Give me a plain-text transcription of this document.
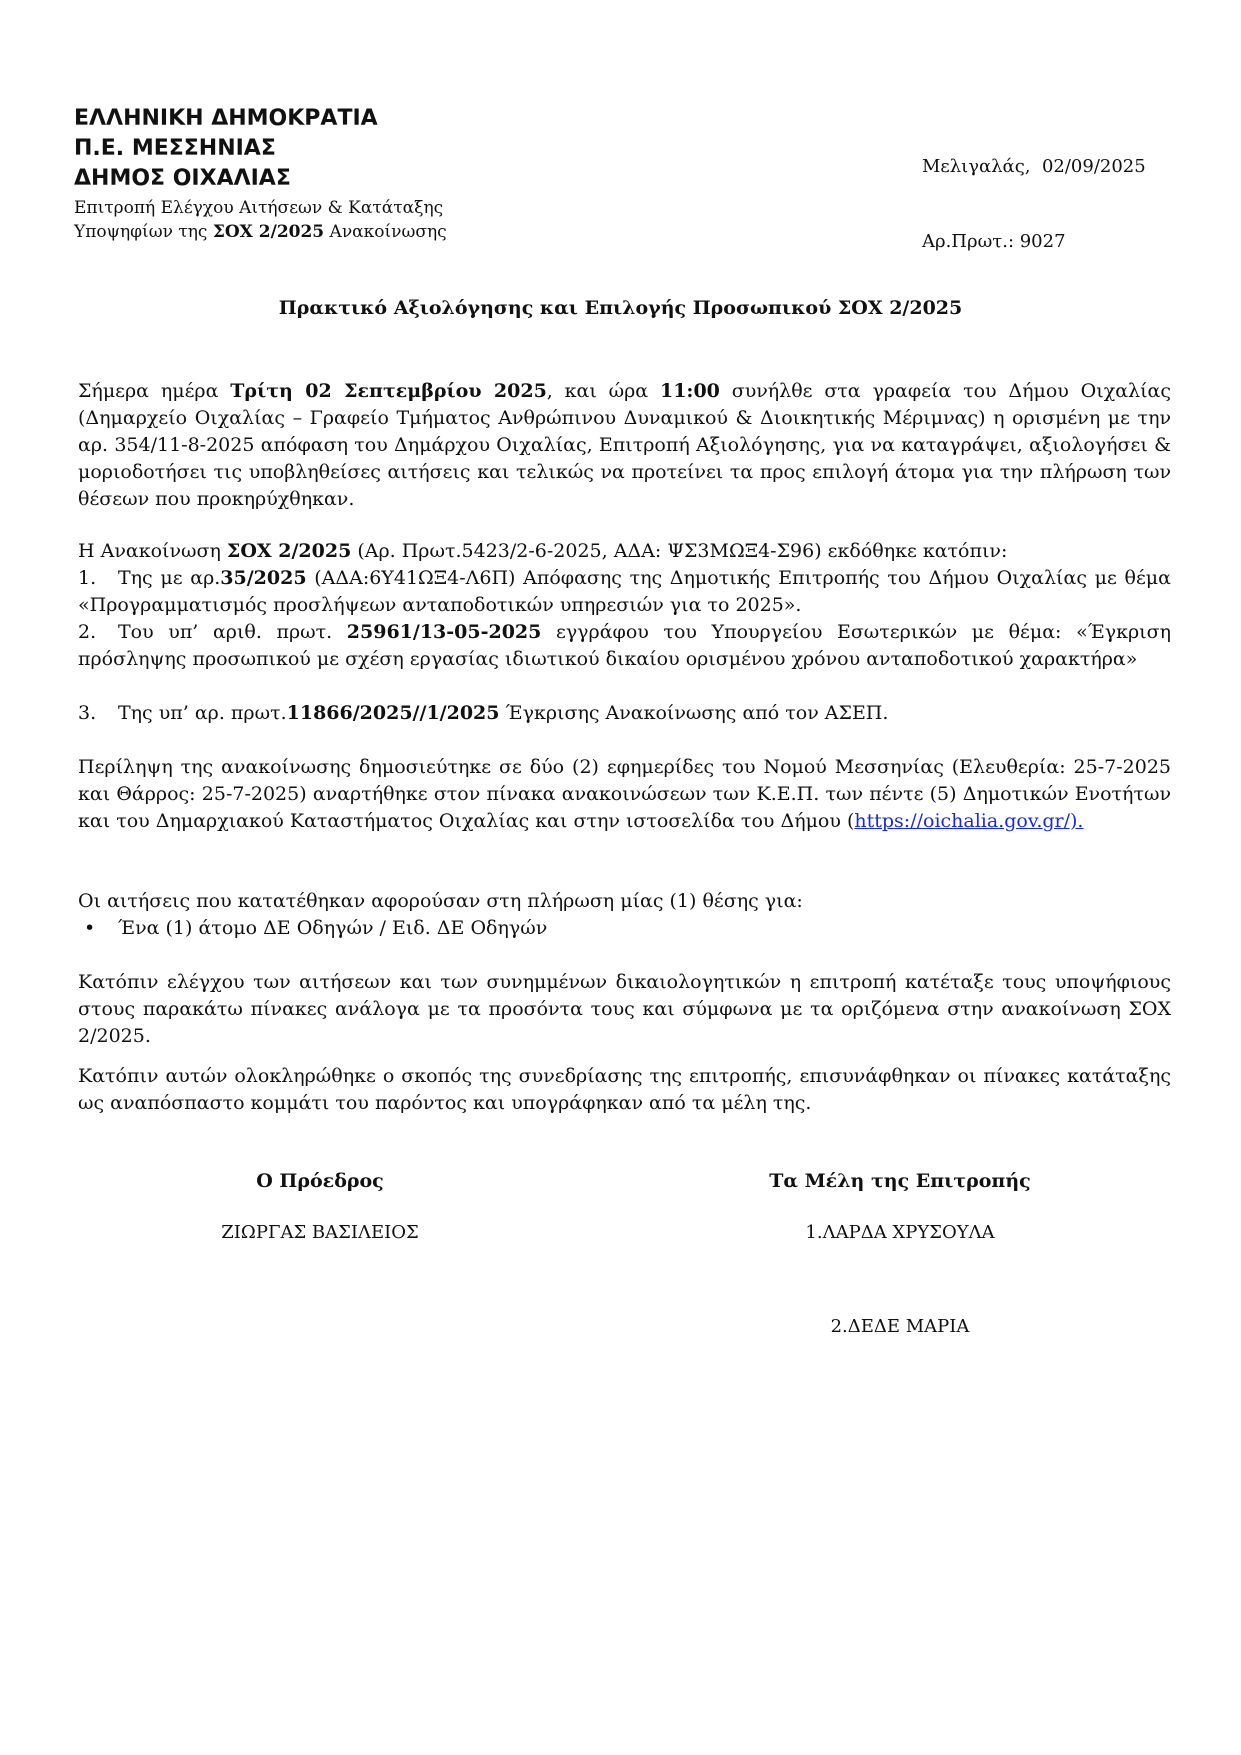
ΕΛΛΗΝΙΚΗ ΔΗΜΟΚΡΑΤΙΑ
Π.Ε. ΜΕΣΣΗΝΙΑΣ
ΔΗΜΟΣ ΟΙΧΑΛΙΑΣ
Επιτροπή Ελέγχου Αιτήσεων & Κατάταξης
Υποψηφίων της ΣΟΧ 2/2025 Ανακοίνωσης

Μελιγαλάς,  02/09/2025

Αρ.Πρωτ.: 9027

Πρακτικό Αξιολόγησης και Επιλογής Προσωπικού ΣΟΧ 2/2025

Σήμερα ημέρα Τρίτη 02 Σεπτεμβρίου 2025, και ώρα 11:00 συνήλθε στα γραφεία του Δήμου Οιχαλίας (Δημαρχείο Οιχαλίας – Γραφείο Τμήματος Ανθρώπινου Δυναμικού & Διοικητικής Μέριμνας) η ορισμένη με την αρ. 354/11-8-2025 απόφαση του Δημάρχου Οιχαλίας, Επιτροπή Αξιολόγησης, για να καταγράψει, αξιολογήσει & μοριοδοτήσει τις υποβληθείσες αιτήσεις και τελικώς να προτείνει τα προς επιλογή άτομα για την πλήρωση των θέσεων που προκηρύχθηκαν.

Η Ανακοίνωση ΣΟΧ 2/2025 (Αρ. Πρωτ.5423/2-6-2025, ΑΔΑ: ΨΣ3ΜΩΞ4-Σ96) εκδόθηκε κατόπιν:

1. Της με αρ.35/2025 (ΑΔΑ:6Υ41ΩΞ4-Λ6Π) Απόφασης της Δημοτικής Επιτροπής του Δήμου Οιχαλίας με θέμα «Προγραμματισμός προσλήψεων ανταποδοτικών υπηρεσιών για το 2025».

2. Του υπ’ αριθ. πρωτ. 25961/13-05-2025 εγγράφου του Υπουργείου Εσωτερικών με θέμα: «Έγκριση πρόσληψης προσωπικού με σχέση εργασίας ιδιωτικού δικαίου ορισμένου χρόνου ανταποδοτικού χαρακτήρα»

3. Της υπ’ αρ. πρωτ.11866/2025//1/2025 Έγκρισης Ανακοίνωσης από τον ΑΣΕΠ.

Περίληψη της ανακοίνωσης δημοσιεύτηκε σε δύο (2) εφημερίδες του Νομού Μεσσηνίας (Ελευθερία: 25-7-2025 και Θάρρος: 25-7-2025) αναρτήθηκε στον πίνακα ανακοινώσεων των Κ.Ε.Π. των πέντε (5) Δημοτικών Ενοτήτων και του Δημαρχιακού Καταστήματος Οιχαλίας και στην ιστοσελίδα του Δήμου (https://oichalia.gov.gr/).

Οι αιτήσεις που κατατέθηκαν αφορούσαν στη πλήρωση μίας (1) θέσης για:

• Ένα (1) άτομο ΔΕ Οδηγών / Ειδ. ΔΕ Οδηγών

Κατόπιν ελέγχου των αιτήσεων και των συνημμένων δικαιολογητικών η επιτροπή κατέταξε τους υποψήφιους στους παρακάτω πίνακες ανάλογα με τα προσόντα τους και σύμφωνα με τα οριζόμενα στην ανακοίνωση ΣΟΧ 2/2025.

Κατόπιν αυτών ολοκληρώθηκε ο σκοπός της συνεδρίασης της επιτροπής, επισυνάφθηκαν οι πίνακες κατάταξης ως αναπόσπαστο κομμάτι του παρόντος και υπογράφηκαν από τα μέλη της.

Ο Πρόεδρος
ΖΙΩΡΓΑΣ ΒΑΣΙΛΕΙΟΣ
Τα Μέλη της Επιτροπής
1.ΛΑΡΔΑ ΧΡΥΣΟΥΛΑ
2.ΔΕΔΕ ΜΑΡΙΑ
